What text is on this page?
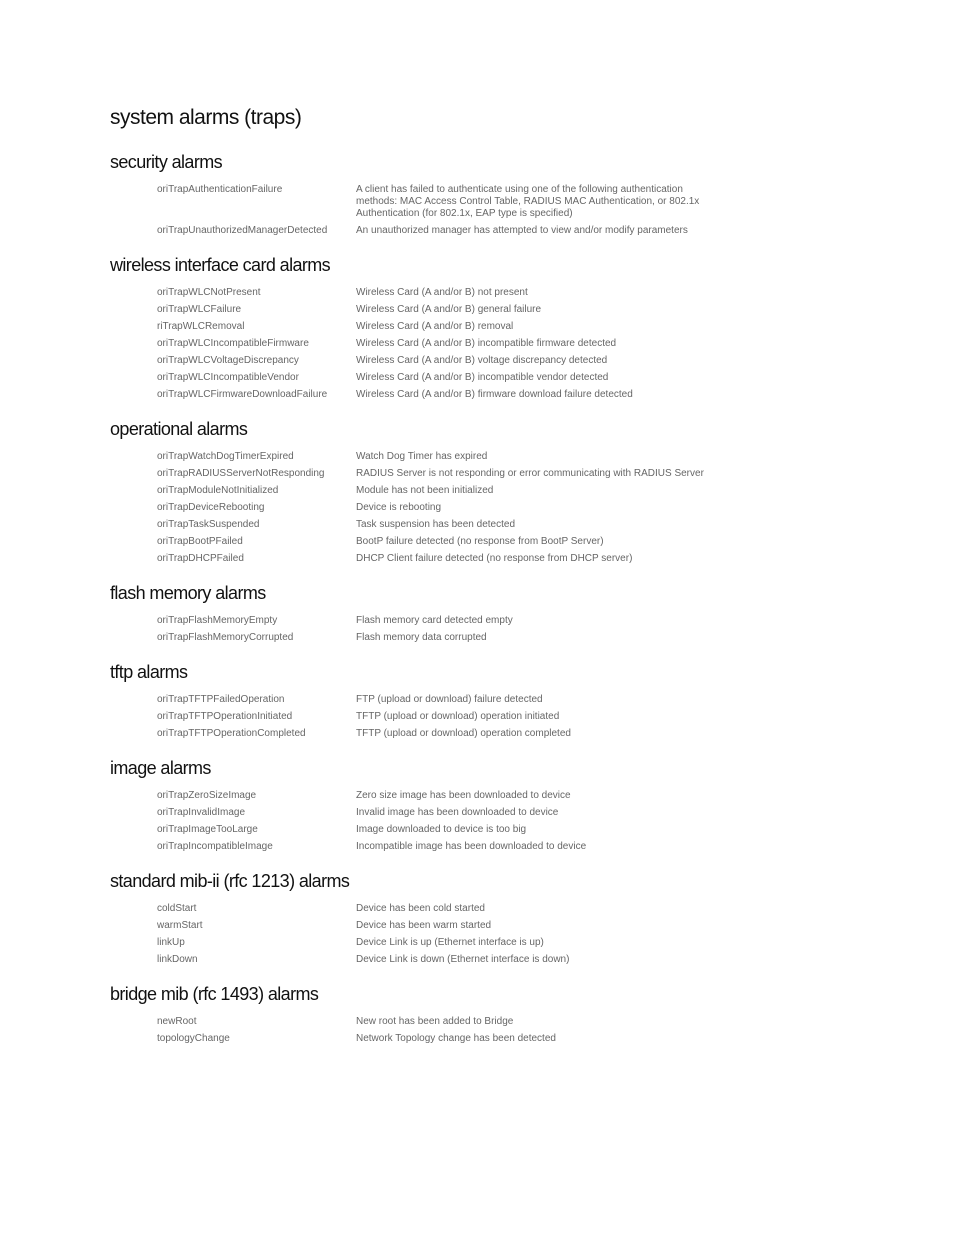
system alarms (traps)
security alarms
oriTrapAuthenticationFailure	A client has failed to authenticate using one of the following authentication methods: MAC Access Control Table, RADIUS MAC Authentication, or 802.1x Authentication (for 802.1x, EAP type is specified)
oriTrapUnauthorizedManagerDetected	An unauthorized manager has attempted to view and/or modify parameters
wireless interface card alarms
oriTrapWLCNotPresent	Wireless Card (A and/or B) not present
oriTrapWLCFailure	Wireless Card (A and/or B) general failure
riTrapWLCRemoval	Wireless Card (A and/or B) removal
oriTrapWLCIncompatibleFirmware	Wireless Card (A and/or B) incompatible firmware detected
oriTrapWLCVoltageDiscrepancy	Wireless Card (A and/or B) voltage discrepancy detected
oriTrapWLCIncompatibleVendor	Wireless Card (A and/or B) incompatible vendor detected
oriTrapWLCFirmwareDownloadFailure	Wireless Card (A and/or B) firmware download failure detected
operational alarms
oriTrapWatchDogTimerExpired	Watch Dog Timer has expired
oriTrapRADIUSServerNotResponding	RADIUS Server is not responding or error communicating with RADIUS Server
oriTrapModuleNotInitialized	Module has not been initialized
oriTrapDeviceRebooting	Device is rebooting
oriTrapTaskSuspended	Task suspension has been detected
oriTrapBootPFailed	BootP failure detected (no response from BootP Server)
oriTrapDHCPFailed	DHCP Client failure detected (no response from DHCP server)
flash memory alarms
oriTrapFlashMemoryEmpty	Flash memory card detected empty
oriTrapFlashMemoryCorrupted	Flash memory data corrupted
tftp alarms
oriTrapTFTPFailedOperation	FTP (upload or download) failure detected
oriTrapTFTPOperationInitiated	TFTP (upload or download) operation initiated
oriTrapTFTPOperationCompleted	TFTP (upload or download) operation completed
image alarms
oriTrapZeroSizeImage	Zero size image has been downloaded to device
oriTrapInvalidImage	Invalid image has been downloaded to device
oriTrapImageTooLarge	Image downloaded to device is too big
oriTrapIncompatibleImage	Incompatible image has been downloaded to device
standard mib-ii (rfc 1213) alarms
coldStart	Device has been cold started
warmStart	Device has been warm started
linkUp	Device Link is up (Ethernet interface is up)
linkDown	Device Link is down (Ethernet interface is down)
bridge mib (rfc 1493) alarms
newRoot	New root has been added to Bridge
topologyChange	Network Topology change has been detected
